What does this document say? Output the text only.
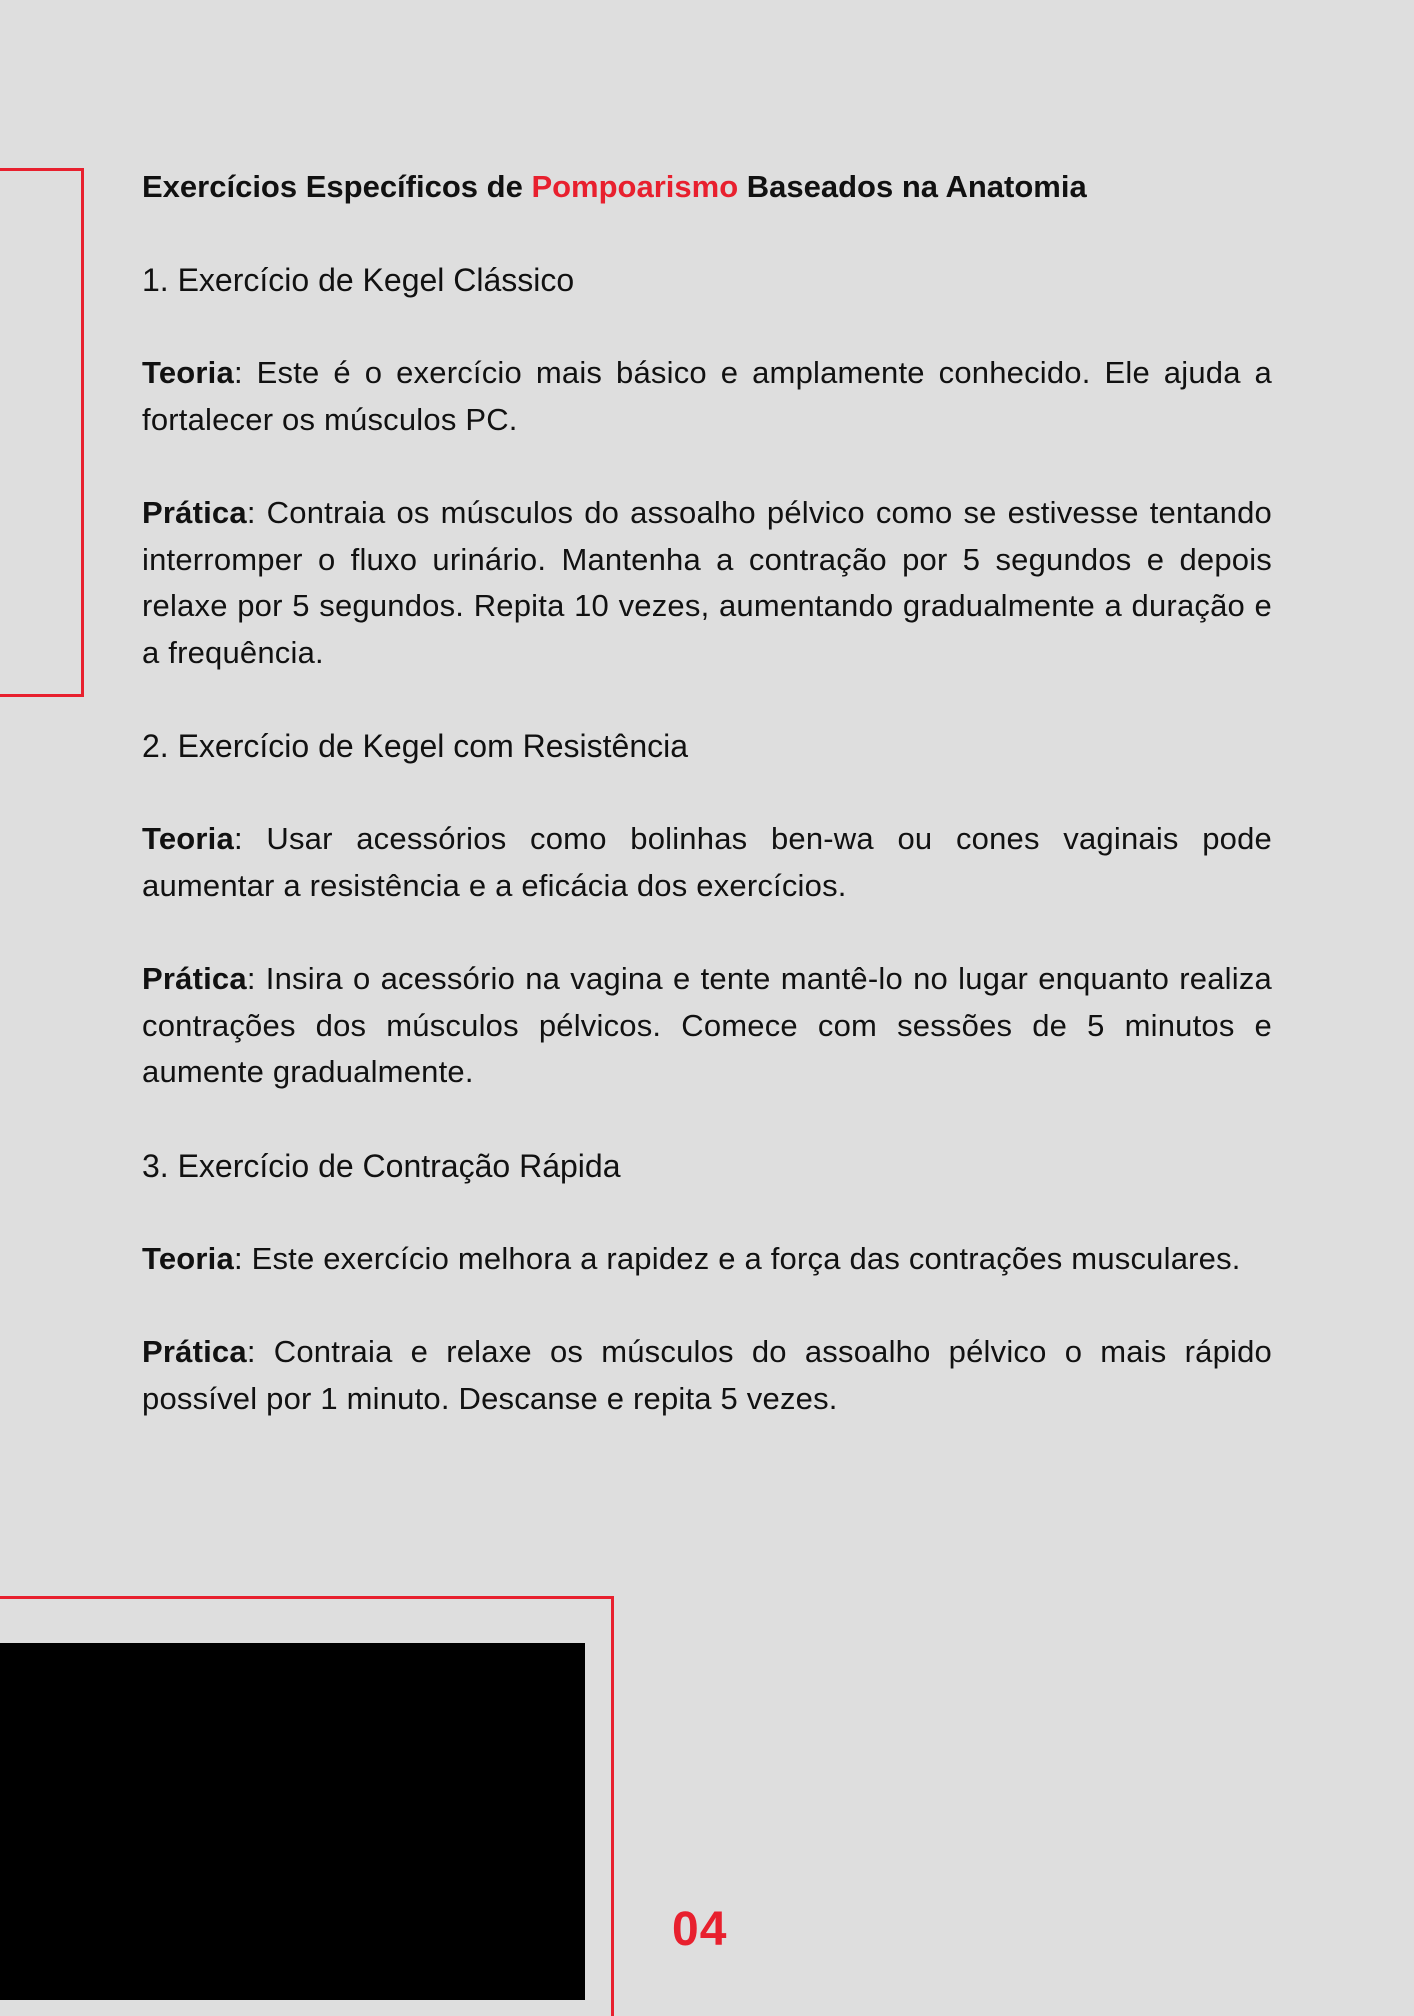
Exercícios Específicos de Pompoarismo Baseados na Anatomia
1. Exercício de Kegel Clássico

Teoria: Este é o exercício mais básico e amplamente conhecido. Ele ajuda a fortalecer os músculos PC.

Prática: Contraia os músculos do assoalho pélvico como se estivesse tentando interromper o fluxo urinário. Mantenha a contração por 5 segundos e depois relaxe por 5 segundos. Repita 10 vezes, aumentando gradualmente a duração e a frequência.

2. Exercício de Kegel com Resistência

Teoria: Usar acessórios como bolinhas ben-wa ou cones vaginais pode aumentar a resistência e a eficácia dos exercícios.

Prática: Insira o acessório na vagina e tente mantê-lo no lugar enquanto realiza contrações dos músculos pélvicos. Comece com sessões de 5 minutos e aumente gradualmente.

3. Exercício de Contração Rápida

Teoria: Este exercício melhora a rapidez e a força das contrações musculares.

Prática: Contraia e relaxe os músculos do assoalho pélvico o mais rápido possível por 1 minuto. Descanse e repita 5 vezes.

04
